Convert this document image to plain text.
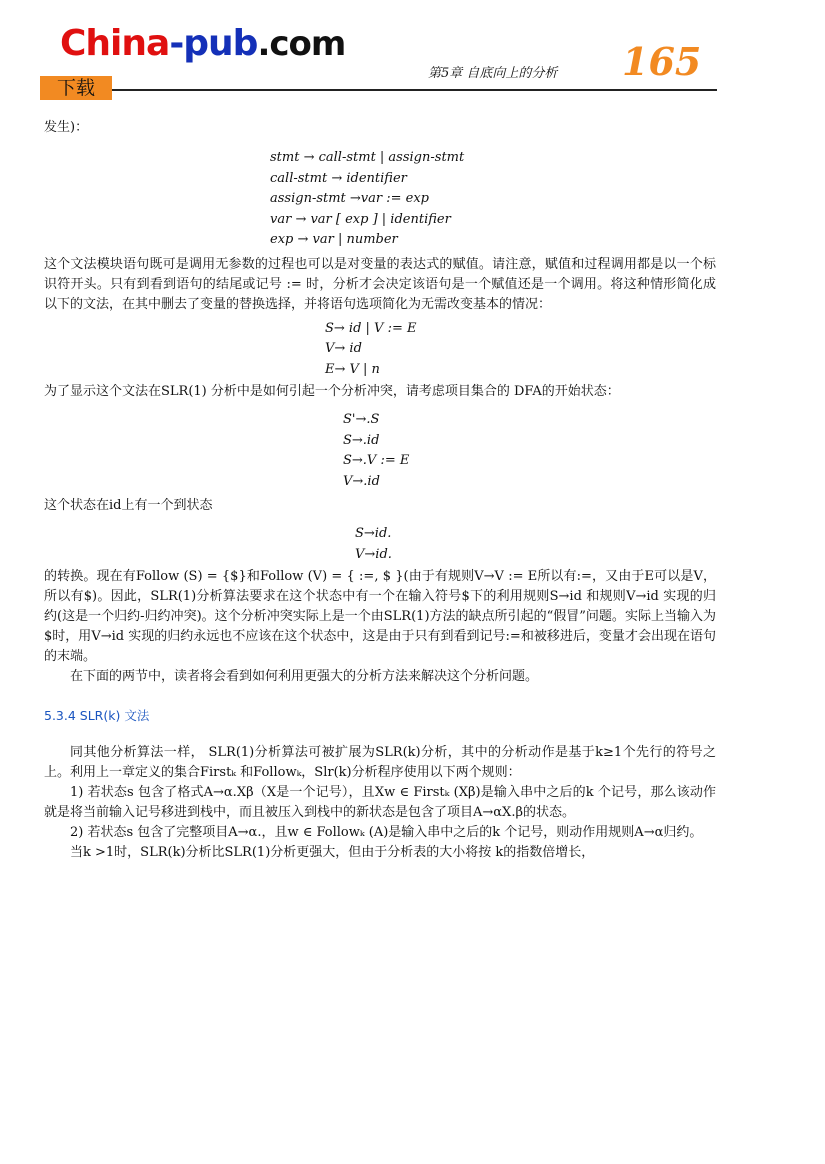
China-pub.com
下载
第5章 自底向上的分析 165

发生)：

stmt → call-stmt | assign-stmt
call-stmt → identifier
assign-stmt →var := exp
var → var [ exp ] | identifier
exp → var | number

这个文法模块语句既可是调用无参数的过程也可以是对变量的表达式的赋值。请注意，赋值和过程调用都是以一个标识符开头。只有到看到语句的结尾或记号 := 时，分析才会决定该语句是一个赋值还是一个调用。将这种情形简化成以下的文法，在其中删去了变量的替换选择，并将语句选项简化为无需改变基本的情况：

S→ id | V := E
V→ id
E→ V | n

为了显示这个文法在SLR(1) 分析中是如何引起一个分析冲突，请考虑项目集合的 DFA的开始状态：

S'→.S
S→.id
S→.V := E
V→.id

这个状态在id上有一个到状态

S→id.
V→id.

的转换。现在有Follow (S) = {$}和Follow (V) = { :=, $ }(由于有规则V→V := E所以有:=，又由于E可以是V，所以有$)。因此，SLR(1)分析算法要求在这个状态中有一个在输入符号$下的利用规则S→id 和规则V→id 实现的归约(这是一个归约-归约冲突)。这个分析冲突实际上是一个由SLR(1)方法的缺点所引起的“假冒”问题。实际上当输入为$时，用V→id 实现的归约永远也不应该在这个状态中，这是由于只有到看到记号:=和被移进后，变量才会出现在语句的末端。

在下面的两节中，读者将会看到如何利用更强大的分析方法来解决这个分析问题。

5.3.4 SLR(k) 文法

同其他分析算法一样， SLR(1)分析算法可被扩展为SLR(k)分析，其中的分析动作是基于k≥1个先行的符号之上。利用上一章定义的集合Firstₖ 和Followₖ，Slr(k)分析程序使用以下两个规则：

1) 若状态s 包含了格式A→α.Xβ（X是一个记号），且Xw ∈ Firstₖ (Xβ)是输入串中之后的k 个记号，那么该动作就是将当前输入记号移进到栈中，而且被压入到栈中的新状态是包含了项目A→αX.β的状态。

2) 若状态s 包含了完整项目A→α.，且w ∈ Followₖ (A)是输入串中之后的k 个记号，则动作用规则A→α归约。

当k >1时，SLR(k)分析比SLR(1)分析更强大，但由于分析表的大小将按 k的指数倍增长，
